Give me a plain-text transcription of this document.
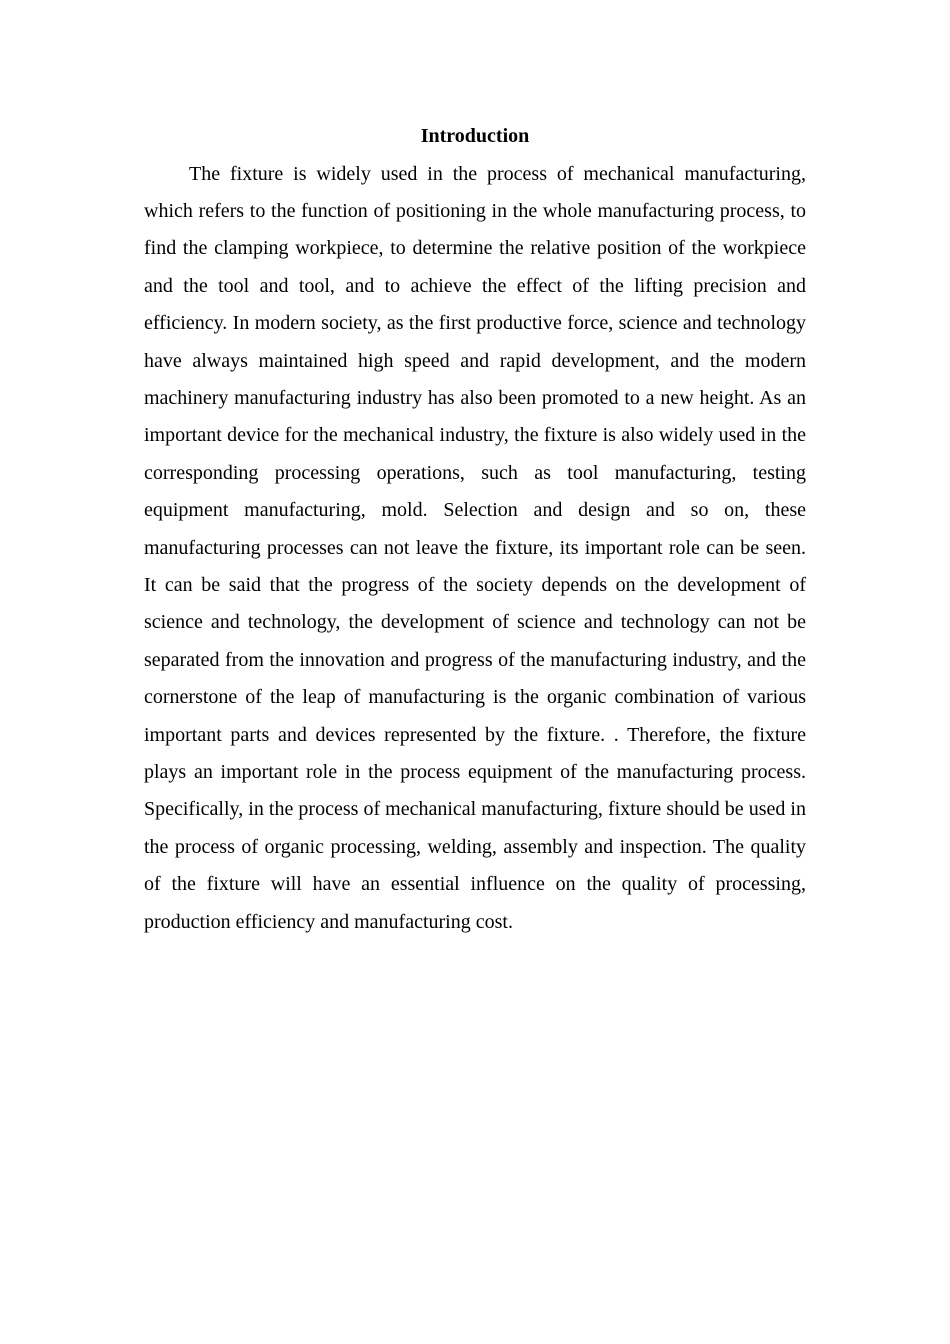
Introduction

The fixture is widely used in the process of mechanical manufacturing, which refers to the function of positioning in the whole manufacturing process, to find the clamping workpiece, to determine the relative position of the workpiece and the tool and tool, and to achieve the effect of the lifting precision and efficiency. In modern society, as the first productive force, science and technology have always maintained high speed and rapid development, and the modern machinery manufacturing industry has also been promoted to a new height. As an important device for the mechanical industry, the fixture is also widely used in the corresponding processing operations, such as tool manufacturing, testing equipment manufacturing, mold. Selection and design and so on, these manufacturing processes can not leave the fixture, its important role can be seen. It can be said that the progress of the society depends on the development of science and technology, the development of science and technology can not be separated from the innovation and progress of the manufacturing industry, and the cornerstone of the leap of manufacturing is the organic combination of various important parts and devices represented by the fixture. . Therefore, the fixture plays an important role in the process equipment of the manufacturing process. Specifically, in the process of mechanical manufacturing, fixture should be used in the process of organic processing, welding, assembly and inspection. The quality of the fixture will have an essential influence on the quality of processing, production efficiency and manufacturing cost.
